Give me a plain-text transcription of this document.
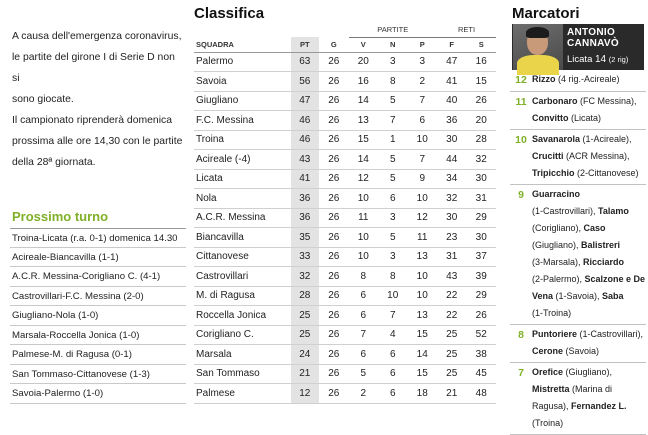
A causa dell'emergenza coronavirus,

le partite del girone I di Serie D non si

sono giocate.

Il campionato riprenderà domenica

prossima alle ore 14,30 con le partite

della 28ª giornata.

Prossimo turno
Troina-Licata (r.a. 0-1) domenica 14.30
Acireale-Biancavilla (1-1)
A.C.R. Messina-Corigliano C. (4-1)
Castrovillari-F.C. Messina (2-0)
Giugliano-Nola (1-0)
Marsala-Roccella Jonica (1-0)
Palmese-M. di Ragusa (0-1)
San Tommaso-Cittanovese (1-3)
Savoia-Palermo (1-0)
Classifica
			PARTITE			RETI	
SQUADRA	PT	G	V	N	P	F	S
Palermo	63	26	20	3	3	47	16
Savoia	56	26	16	8	2	41	15
Giugliano	47	26	14	5	7	40	26
F.C. Messina	46	26	13	7	6	36	20
Troina	46	26	15	1	10	30	28
Acireale (-4)	43	26	14	5	7	44	32
Licata	41	26	12	5	9	34	30
Nola	36	26	10	6	10	32	31
A.C.R. Messina	36	26	11	3	12	30	29
Biancavilla	35	26	10	5	11	23	30
Cittanovese	33	26	10	3	13	31	37
Castrovillari	32	26	8	8	10	43	39
M. di Ragusa	28	26	6	10	10	22	29
Roccella Jonica	25	26	6	7	13	22	26
Corigliano C.	25	26	7	4	15	25	52
Marsala	24	26	6	6	14	25	38
San Tommaso	21	26	5	6	15	25	45
Palmese	12	26	2	6	18	21	48
Marcatori
ANTONIO
CANNAVÒ
Licata 14 (2 rig)
12 Rizzo (4 rig.-Acireale)
11 Carbonaro (FC Messina),
Convitto (Licata)
10 Savanarola (1-Acireale),
Crucitti (ACR Messina),
Tripicchio (2-Cittanovese)
9 Guarracino
(1-Castrovillari), Talamo
(Corigliano), Caso
(Giugliano), Balistreri
(3-Marsala), Ricciardo
(2-Palermo), Scalzone e De
Vena (1-Savoia), Saba
(1-Troina)
8 Puntoriere (1-Castrovillari),
Cerone (Savoia)
7 Orefice (Giugliano),
Mistretta (Marina di
Ragusa), Fernandez L.
(Troina)
